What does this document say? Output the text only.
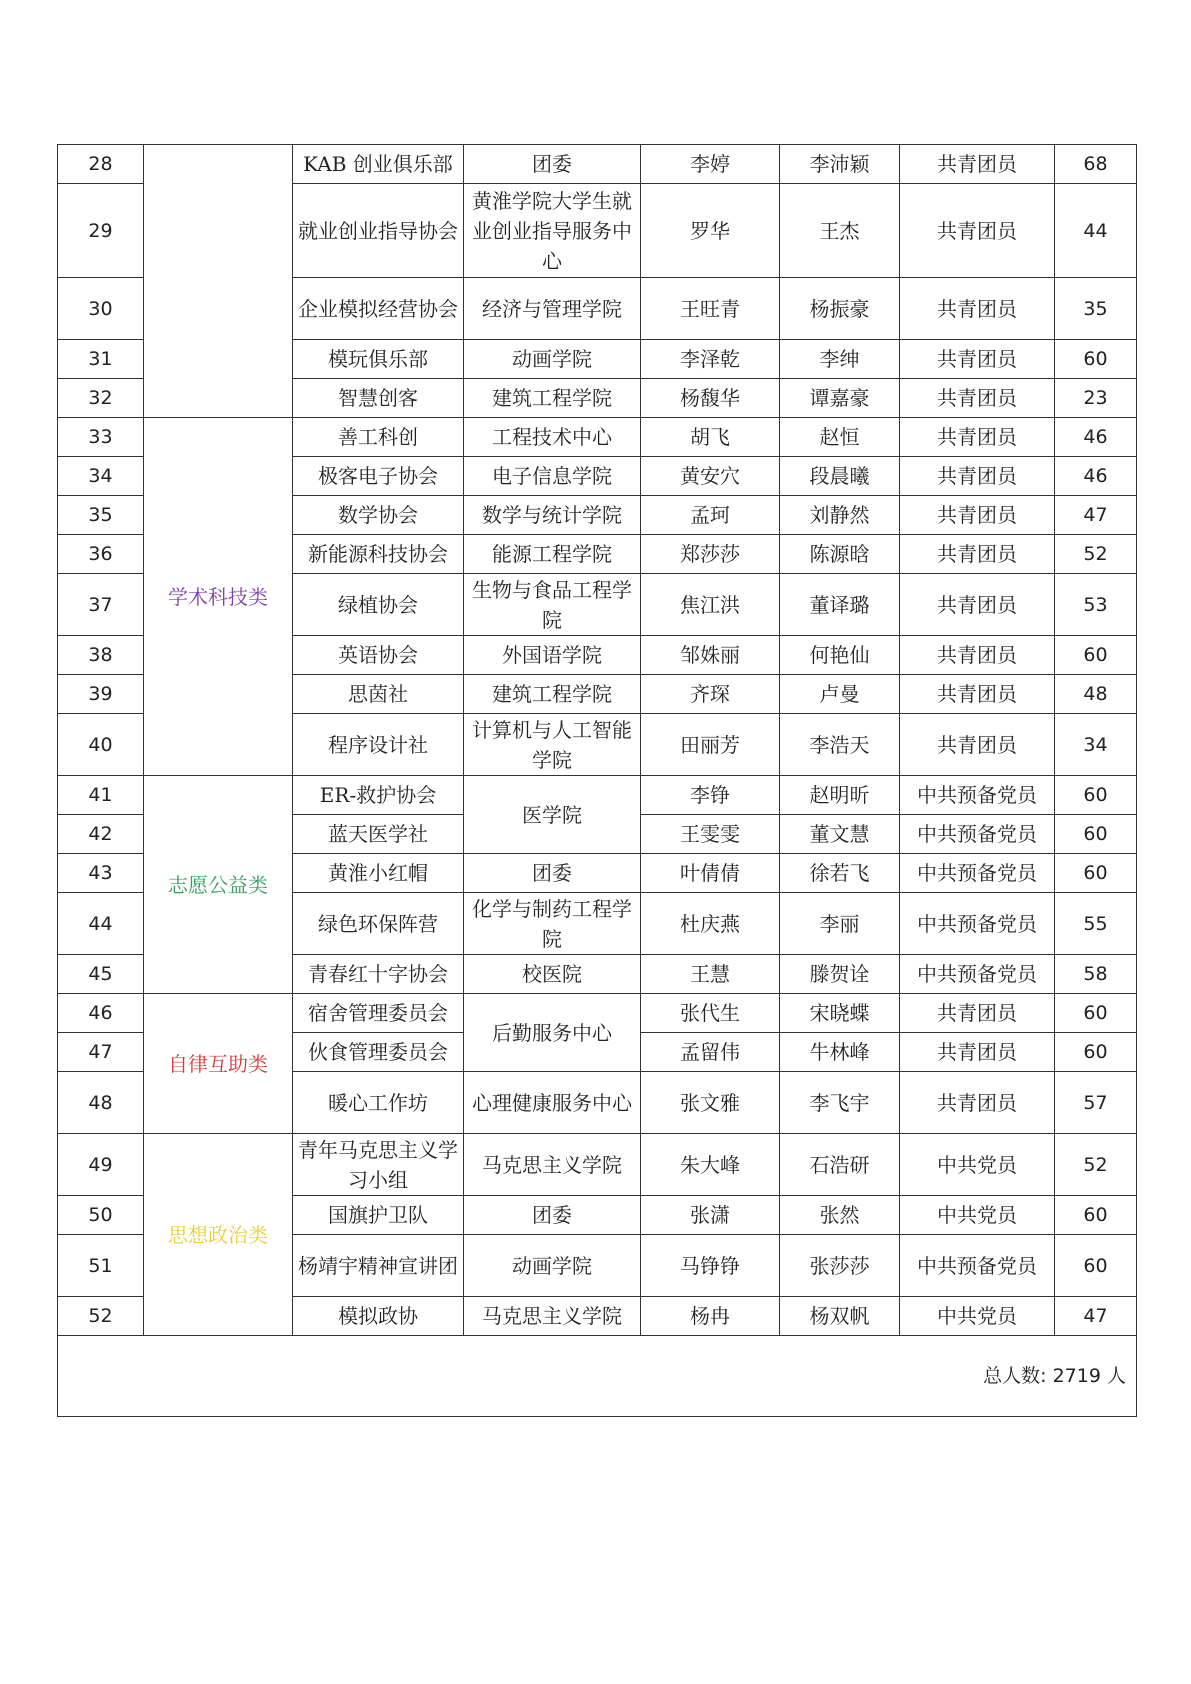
28		KAB 创业俱乐部	团委	李婷	李沛颖	共青团员	68
29		就业创业指导协会	黄淮学院大学生就业创业指导服务中心	罗华	王杰	共青团员	44
30		企业模拟经营协会	经济与管理学院	王旺青	杨振豪	共青团员	35
31		模玩俱乐部	动画学院	李泽乾	李绅	共青团员	60
32		智慧创客	建筑工程学院	杨馥华	谭嘉豪	共青团员	23
33	学术科技类	善工科创	工程技术中心	胡飞	赵恒	共青团员	46
34		极客电子协会	电子信息学院	黄安穴	段晨曦	共青团员	46
35		数学协会	数学与统计学院	孟珂	刘静然	共青团员	47
36		新能源科技协会	能源工程学院	郑莎莎	陈源晗	共青团员	52
37		绿植协会	生物与食品工程学院	焦江洪	董译璐	共青团员	53
38		英语协会	外国语学院	邹姝丽	何艳仙	共青团员	60
39		思茵社	建筑工程学院	齐琛	卢曼	共青团员	48
40		程序设计社	计算机与人工智能学院	田丽芳	李浩天	共青团员	34
41	志愿公益类	ER-救护协会	医学院	李铮	赵明昕	中共预备党员	60
42		蓝天医学社		王雯雯	董文慧	中共预备党员	60
43		黄淮小红帽	团委	叶倩倩	徐若飞	中共预备党员	60
44		绿色环保阵营	化学与制药工程学院	杜庆燕	李丽	中共预备党员	55
45		青春红十字协会	校医院	王慧	滕贺诠	中共预备党员	58
46	自律互助类	宿舍管理委员会	后勤服务中心	张代生	宋晓蝶	共青团员	60
47		伙食管理委员会		孟留伟	牛林峰	共青团员	60
48		暖心工作坊	心理健康服务中心	张文雅	李飞宇	共青团员	57
49	思想政治类	青年马克思主义学习小组	马克思主义学院	朱大峰	石浩研	中共党员	52
50		国旗护卫队	团委	张潇	张然	中共党员	60
51		杨靖宇精神宣讲团	动画学院	马铮铮	张莎莎	中共预备党员	60
52		模拟政协	马克思主义学院	杨冉	杨双帆	中共党员	47
总人数: 2719 人							
